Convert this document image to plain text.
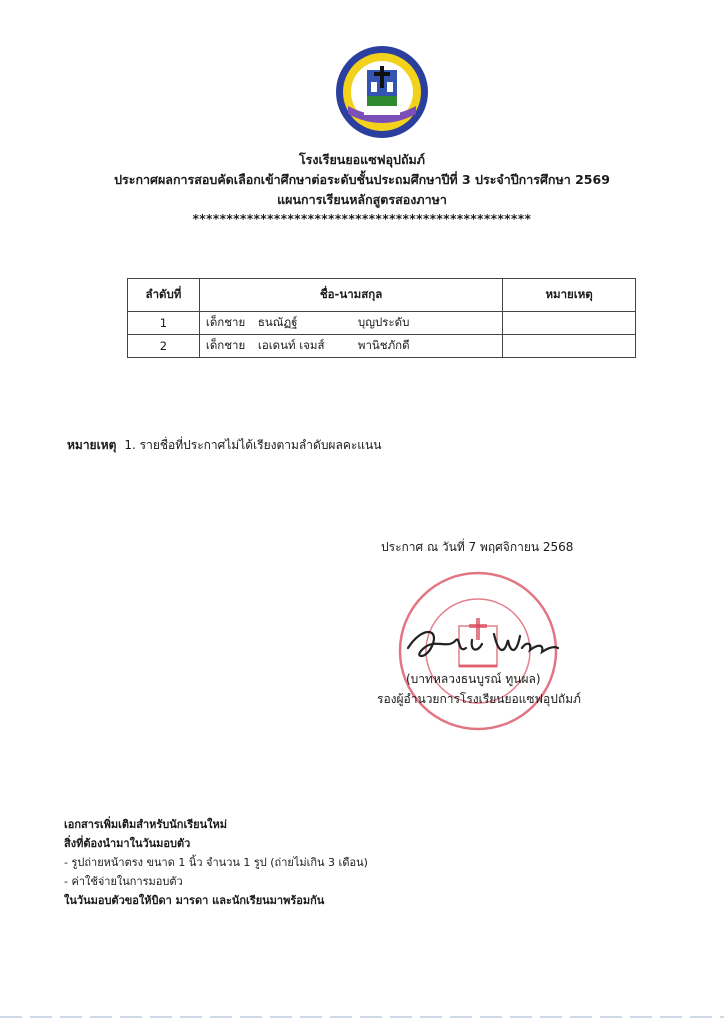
โรงเรียนยอแซฟอุปถัมภ์
ประกาศผลการสอบคัดเลือกเข้าศึกษาต่อระดับชั้นประถมศึกษาปีที่ 3 ประจำปีการศึกษา 2569
แผนการเรียนหลักสูตรสองภาษา
**************************************************
ลำดับที่	ชื่อ-นามสกุล	หมายเหตุ
1	เด็กชาย ธนณัฏฐ์ บุญประดับ	
2	เด็กชาย เอเดนท์ เจมส์ พานิชภักดี	
หมายเหตุ 1. รายชื่อที่ประกาศไม่ได้เรียงตามลำดับผลคะแนน
ประกาศ ณ วันที่ 7 พฤศจิกายน 2568
(บาทหลวงธนบูรณ์ ทูนผล)
รองผู้อำนวยการโรงเรียนยอแซฟอุปถัมภ์
เอกสารเพิ่มเติมสำหรับนักเรียนใหม่
สิ่งที่ต้องนำมาในวันมอบตัว
- รูปถ่ายหน้าตรง ขนาด 1 นิ้ว จำนวน 1 รูป (ถ่ายไม่เกิน 3 เดือน)
- ค่าใช้จ่ายในการมอบตัว
ในวันมอบตัวขอให้บิดา มารดา และนักเรียนมาพร้อมกัน
